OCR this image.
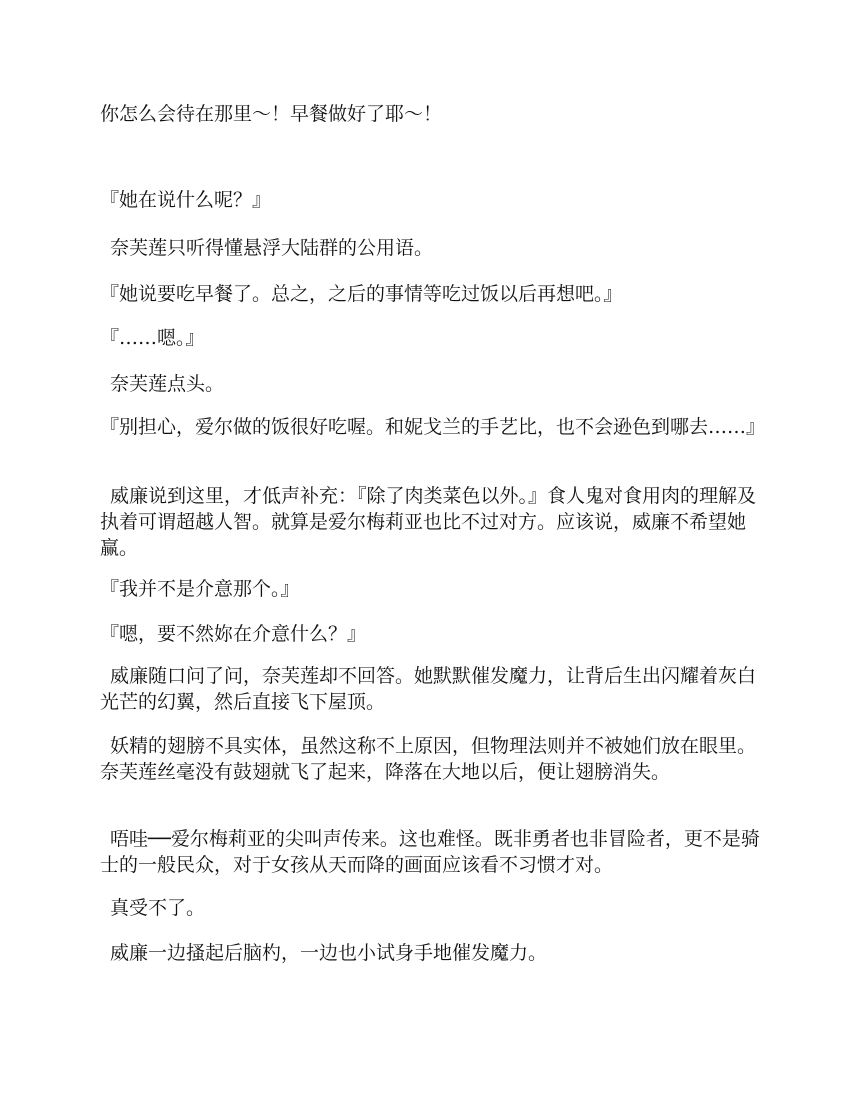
你怎么会待在那里～！早餐做好了耶～！

『她在说什么呢？』

奈芙莲只听得懂悬浮大陆群的公用语。

『她说要吃早餐了。总之，之后的事情等吃过饭以后再想吧。』

『……嗯。』

奈芙莲点头。

『别担心，爱尔做的饭很好吃喔。和妮戈兰的手艺比，也不会逊色到哪去……』

威廉说到这里，才低声补充：『除了肉类菜色以外。』食人鬼对食用肉的理解及执着可谓超越人智。就算是爱尔梅莉亚也比不过对方。应该说，威廉不希望她赢。

『我并不是介意那个。』

『嗯，要不然妳在介意什么？』

威廉随口问了问，奈芙莲却不回答。她默默催发魔力，让背后生出闪耀着灰白光芒的幻翼，然后直接飞下屋顶。

妖精的翅膀不具实体，虽然这称不上原因，但物理法则并不被她们放在眼里。奈芙莲丝毫没有鼓翅就飞了起来，降落在大地以后，便让翅膀消失。

唔哇──爱尔梅莉亚的尖叫声传来。这也难怪。既非勇者也非冒险者，更不是骑士的一般民众，对于女孩从天而降的画面应该看不习惯才对。

真受不了。

威廉一边搔起后脑杓，一边也小试身手地催发魔力。
